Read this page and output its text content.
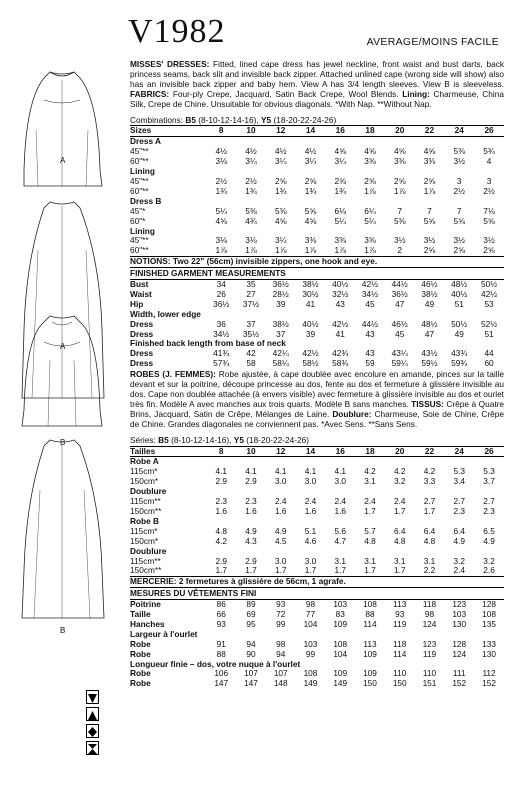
V1982	AVERAGE/MOINS FACILE
A
A
B
B

MISSES' DRESSES: Fitted, lined cape dress has jewel neckline, front waist and bust darts, back princess seams, back slit and invisible back zipper. Attached unlined cape (wrong side will show) also has an invisible back zipper and baby hem. View A has 3/4 length sleeves. View B is sleeveless. FABRICS: Four-ply Crepe, Jacquard, Satin Back Crepe, Wool Blends. Lining: Charmeuse, China Silk, Crepe de Chine. Unsuitable for obvious diagonals. *With Nap. **Without Nap.

Combinations: B5 (8-10-12-14-16), Y5 (18-20-22-24-26)
Sizes	8	10	12	14	16	18	20	22	24	26
Dress A										
45"**	4½	4½	4½	4½	4⅝	4⅝	4⅝	4⅝	5⅜	5¾
60"**	3⅛	3¼	3¼	3¼	3¼	3⅜	3⅜	3⅜	3½	4
Lining										
45"**	2½	2½	2⅝	2⅝	2⅝	2⅝	2⅝	2⅝	3	3
60"**	1¾	1¾	1¾	1¾	1¾	1⅞	1⅞	1⅞	2½	2½
Dress B										
45"*	5¼	5⅜	5⅜	5⅝	6⅛	6¼	7	7	7	7⅛
60"*	4⅝	4¾	4⅝	4⅝	5¼	5¼	5⅜	5⅝	5⅝	5⅝
Lining										
45"**	3⅛	3⅛	3¼	3⅜	3⅜	3⅜	3½	3½	3½	3½
60"**	1⅞	1⅞	1⅞	1⅞	1⅞	1⅞	2	2⅝	2⅝	2⅝
NOTIONS: Two 22" (56cm) invisible zippers, one hook and eye.										
FINISHED GARMENT MEASUREMENTS										
Bust	34	35	36½	38½	40½	42½	44½	46½	48½	50½
Waist	26	27	28½	30½	32½	34½	36½	38½	40½	42½
Hip	36½	37½	39	41	43	45	47	49	51	53
Width, lower edge										
Dress	36	37	38½	40½	42½	44½	46½	48½	50½	52½
Dress	34½	35½	37	39	41	43	45	47	49	51
Finished back length from base of neck										
Dress	41¾	42	42¼	42½	42¾	43	43¼	43½	43¾	44
Dress	57¾	58	58¼	58½	58¾	59	59¼	59½	59¾	60

ROBES (J. FEMMES): Robe ajustée, à cape doublée avec encolure en amande, pinces sur la taille devant et sur la poitrine, découpe princesse au dos, fente au dos et fermeture à glissière invisible au dos. Cape non doublée attachée (à envers visible) avec fermeture à glissière invisible au dos et ourlet très fin. Modèle A avec manches aux trois quarts. Modèle B sans manches. TISSUS: Crêpe à Quatre Brins, Jacquard, Satin de Crêpe, Mélanges de Laine. Doublure: Charmeuse, Soie de Chine, Crêpe de Chine. Grandes diagonales ne conviennent pas. *Avec Sens. **Sans Sens.

Séries: B5 (8-10-12-14-16), Y5 (18-20-22-24-26)
Tailles	8	10	12	14	16	18	20	22	24	26
Robe A										
115cm*	4.1	4.1	4.1	4.1	4.1	4.2	4.2	4.2	5.3	5.3
150cm*	2.9	2.9	3.0	3.0	3.0	3.1	3.2	3.3	3.4	3.7
Doublure										
115cm**	2.3	2.3	2.4	2.4	2.4	2.4	2.4	2.7	2.7	2.7
150cm**	1.6	1.6	1.6	1.6	1.6	1.7	1.7	1.7	2.3	2.3
Robe B										
115cm*	4.8	4.9	4.9	5.1	5.6	5.7	6.4	6.4	6.4	6.5
150cm*	4.2	4.3	4.5	4.6	4.7	4.8	4.8	4.8	4.9	4.9
Doublure										
115cm**	2.9	2.9	3.0	3.0	3.1	3.1	3.1	3.1	3.2	3.2
150cm**	1.7	1.7	1.7	1.7	1.7	1.7	1.7	2.2	2.4	2.6
MERCERIE: 2 fermetures à glissière de 56cm, 1 agrafe.										
MESURES DU VÊTEMENTS FINI										
Poitrine	86	89	93	98	103	108	113	118	123	128
Taille	66	69	72	77	83	88	93	98	103	108
Hanches	93	95	99	104	109	114	119	124	130	135
Largeur à l'ourlet										
Robe	91	94	98	103	108	113	118	123	128	133
Robe	88	90	94	99	104	109	114	119	124	130
Longueur finie – dos, votre nuque à l'ourlet										
Robe	106	107	107	108	109	109	110	110	111	112
Robe	147	147	148	149	149	150	150	151	152	152
